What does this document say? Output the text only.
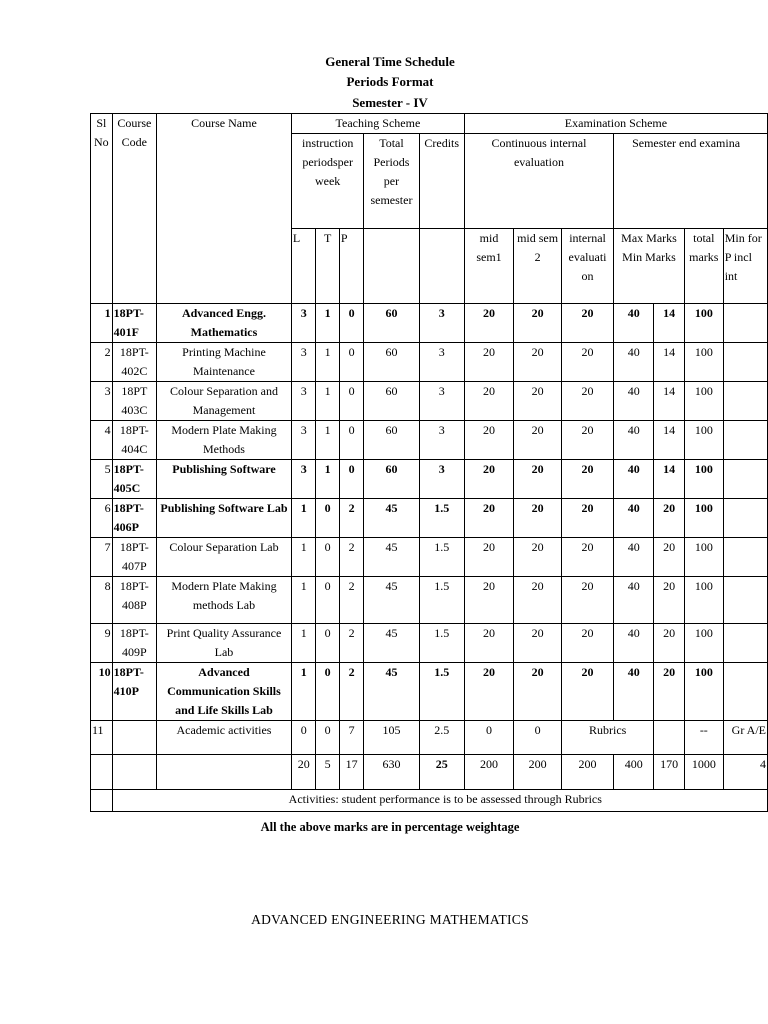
General Time Schedule
Periods Format
Semester - IV
Sl No	Course Code	Course Name	Teaching Scheme					Examination Scheme						
			instruction periodsper week			Total Periods per semester	Credits	Continuous internal evaluation			Semester end examina			
			L	T	P			mid sem1	mid sem 2	internal evaluati on	Max Marks Min Marks		total marks	Min for P incl int
1	18PT-401F	Advanced Engg. Mathematics	3	1	0	60	3	20	20	20	40	14	100	
2	18PT-402C	Printing Machine Maintenance	3	1	0	60	3	20	20	20	40	14	100	
3	18PT 403C	Colour Separation and Management	3	1	0	60	3	20	20	20	40	14	100	
4	18PT-404C	Modern Plate Making Methods	3	1	0	60	3	20	20	20	40	14	100	
5	18PT-405C	Publishing Software	3	1	0	60	3	20	20	20	40	14	100	
6	18PT-406P	Publishing Software Lab	1	0	2	45	1.5	20	20	20	40	20	100	
7	18PT-407P	Colour Separation Lab	1	0	2	45	1.5	20	20	20	40	20	100	
8	18PT-408P	Modern Plate Making methods Lab	1	0	2	45	1.5	20	20	20	40	20	100	
9	18PT-409P	Print Quality Assurance Lab	1	0	2	45	1.5	20	20	20	40	20	100	
10	18PT-410P	Advanced Communication Skills and Life Skills Lab	1	0	2	45	1.5	20	20	20	40	20	100	
11		Academic activities	0	0	7	105	2.5	0	0	Rubrics			--	Gr A/E
			20	5	17	630	25	200	200	200	400	170	1000	4
	Activities: student performance is to be assessed through Rubrics													
All the above marks are in percentage weightage
ADVANCED ENGINEERING MATHEMATICS
